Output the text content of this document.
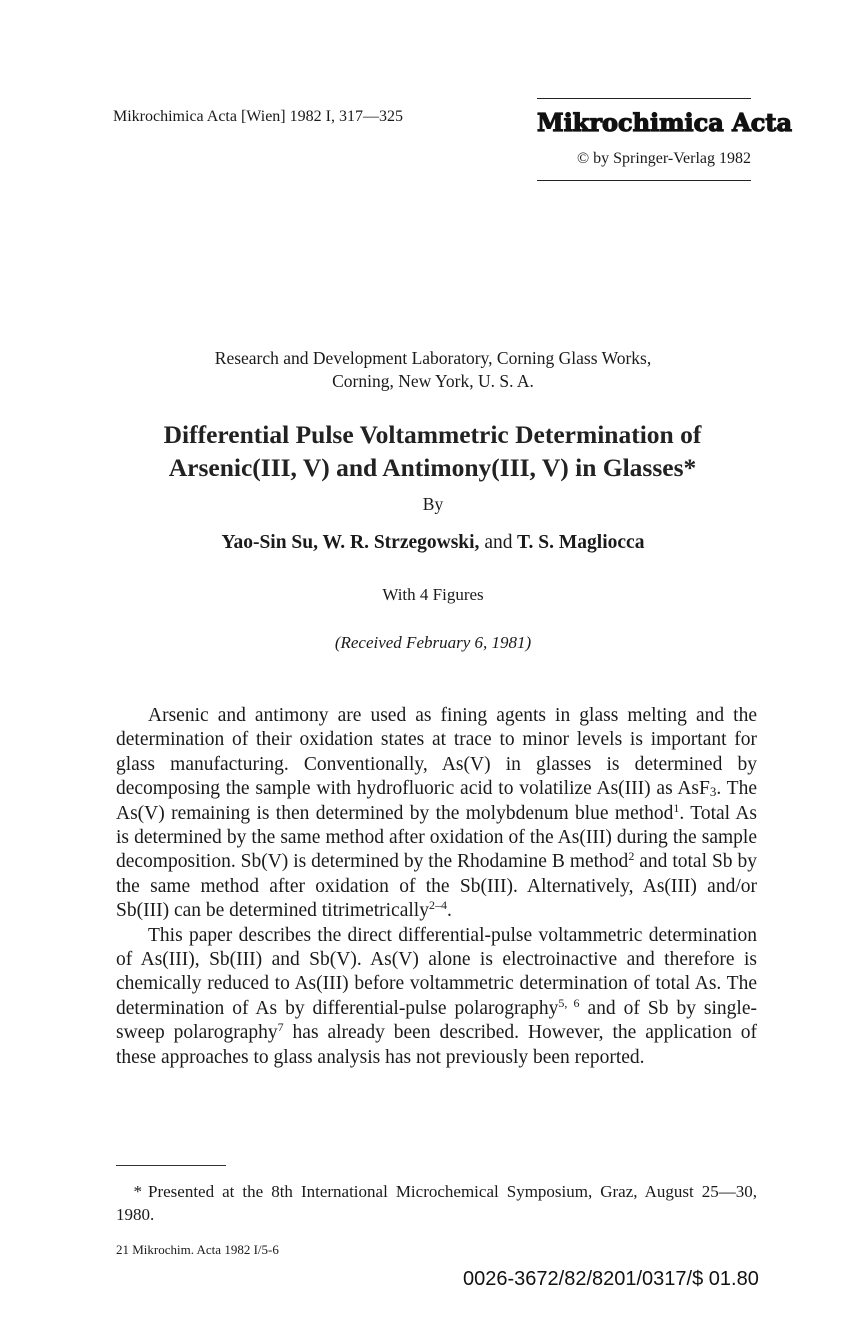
Mikrochimica Acta [Wien] 1982 I, 317—325	Mikrochimica Acta
© by Springer-Verlag 1982
Research and Development Laboratory, Corning Glass Works,
Corning, New York, U. S. A.
Differential Pulse Voltammetric Determination of
Arsenic(III, V) and Antimony(III, V) in Glasses*
By
Yao-Sin Su, W. R. Strzegowski, and T. S. Magliocca
With 4 Figures
(Received February 6, 1981)

Arsenic and antimony are used as fining agents in glass melting and the determination of their oxidation states at trace to minor levels is important for glass manufacturing. Conventionally, As(V) in glasses is determined by decomposing the sample with hydrofluoric acid to volatilize As(III) as AsF$_3$. The As(V) remaining is then determined by the molybdenum blue method$^1$. Total As is determined by the same method after oxidation of the As(III) during the sample decomposition. Sb(V) is determined by the Rhodamine B method$^2$ and total Sb by the same method after oxidation of the Sb(III). Alternatively, As(III) and/or Sb(III) can be determined titrimetrically$^{2-4}$.

This paper describes the direct differential-pulse voltammetric determination of As(III), Sb(III) and Sb(V). As(V) alone is electroinactive and therefore is chemically reduced to As(III) before voltammetric determination of total As. The determination of As by differential-pulse polarography$^{5, 6}$ and of Sb by single-sweep polarography$^7$ has already been described. However, the application of these approaches to glass analysis has not previously been reported.

* Presented at the 8th International Microchemical Symposium, Graz, August 25—30, 1980.
21 Mikrochim. Acta 1982 I/5-6
0026-3672/82/8201/0317/$ 01.80
